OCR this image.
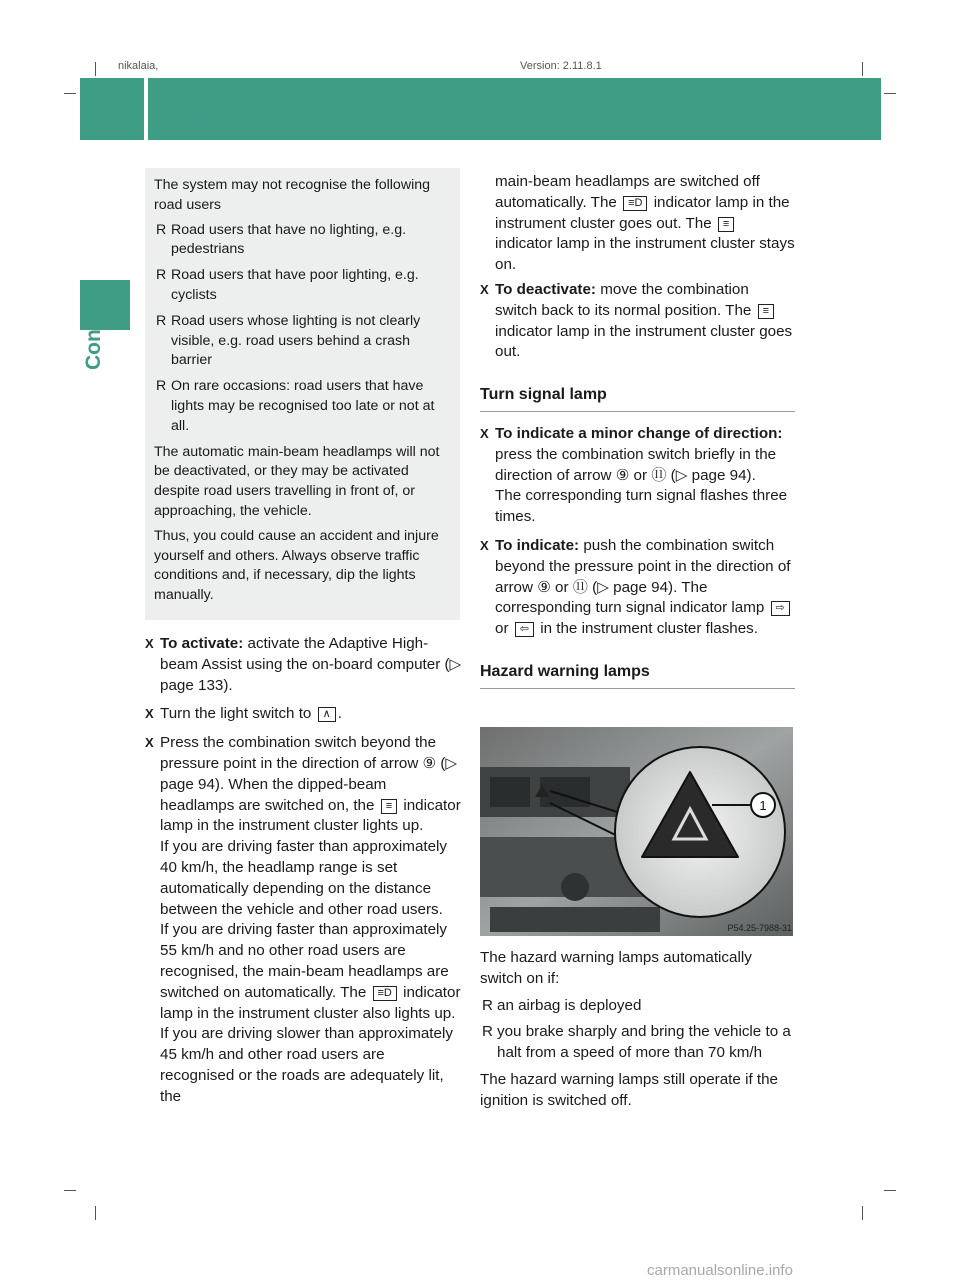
nikalaia,	Version: 2.11.8.1
96	Lights
Controls

The system may not recognise the following road users

R Road users that have no lighting, e.g. pedestrians
R Road users that have poor lighting, e.g. cyclists
R Road users whose lighting is not clearly visible, e.g. road users behind a crash barrier
R On rare occasions: road users that have lights may be recognised too late or not at all.

The automatic main-beam headlamps will not be deactivated, or they may be activated despite road users travelling in front of, or approaching, the vehicle.

Thus, you could cause an accident and injure yourself and others. Always observe traffic conditions and, if necessary, dip the lights manually.

X To activate: activate the Adaptive High-beam Assist using the on-board computer (▷ page 133).
X Turn the light switch to ∧ .
X Press the combination switch beyond the pressure point in the direction of arrow ⑨ (▷ page 94). When the dipped-beam headlamps are switched on, the ≡ indicator lamp in the instrument cluster lights up.

If you are driving faster than approximately 40 km/h, the headlamp range is set automatically depending on the distance between the vehicle and other road users.

If you are driving faster than approximately 55 km/h and no other road users are recognised, the main-beam headlamps are switched on automatically. The ≡D indicator lamp in the instrument cluster also lights up.

If you are driving slower than approximately 45 km/h and other road users are recognised or the roads are adequately lit, the

main-beam headlamps are switched off automatically. The ≡D indicator lamp in the instrument cluster goes out. The ≡ indicator lamp in the instrument cluster stays on.
X To deactivate: move the combination switch back to its normal position. The ≡ indicator lamp in the instrument cluster goes out.

Turn signal lamp

X To indicate a minor change of direction: press the combination switch briefly in the direction of arrow ⑨ or ⑪ (▷ page 94).

The corresponding turn signal flashes three times.

X To indicate: push the combination switch beyond the pressure point in the direction of arrow ⑨ or ⑪ (▷ page 94). The corresponding turn signal indicator lamp ⇨ or ⇦ in the instrument cluster flashes.

Hazard warning lamps

1
P54.25-7988-31

The hazard warning lamps automatically switch on if:

R an airbag is deployed
R you brake sharply and bring the vehicle to a halt from a speed of more than 70 km/h

The hazard warning lamps still operate if the ignition is switched off.

carmanualsonline.info
